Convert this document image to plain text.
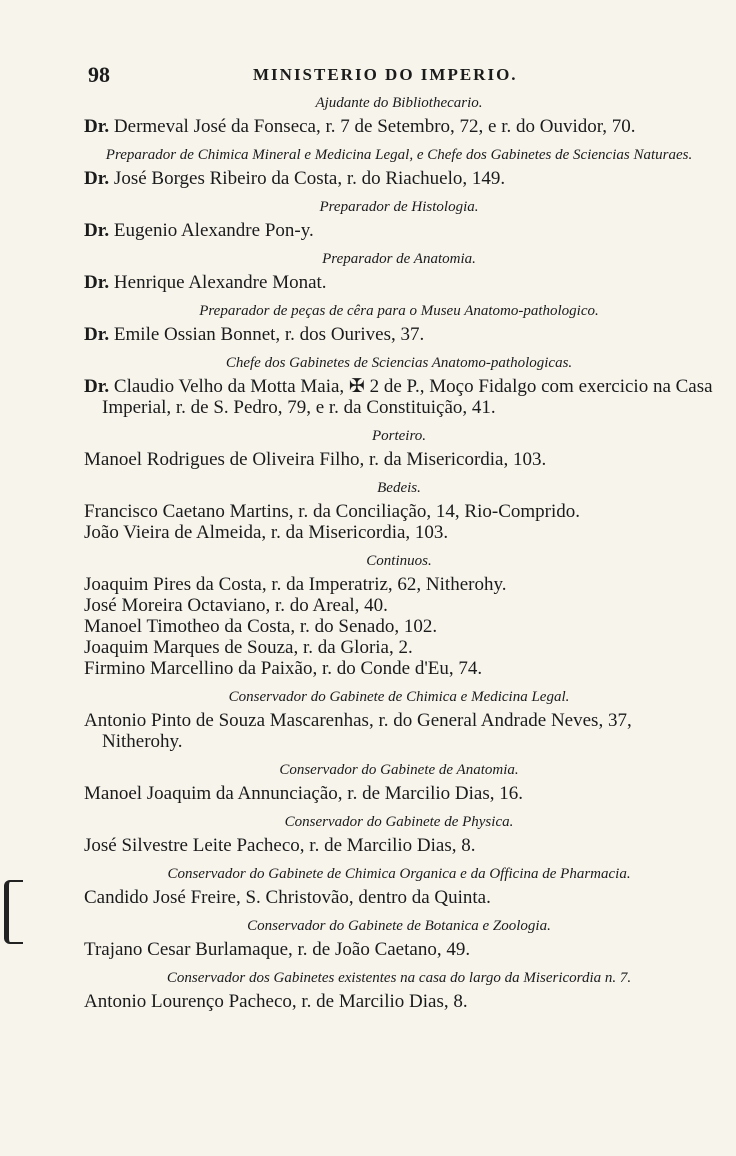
98	MINISTERIO DO IMPERIO.
Ajudante do Bibliothecario.
Dr. Dermeval José da Fonseca, r. 7 de Setembro, 72, e r. do Ouvidor, 70.
Preparador de Chimica Mineral e Medicina Legal, e Chefe dos Gabinetes de Sciencias Naturaes.
Dr. José Borges Ribeiro da Costa, r. do Riachuelo, 149.
Preparador de Histologia.
Dr. Eugenio Alexandre Pon‑y.
Preparador de Anatomia.
Dr. Henrique Alexandre Monat.
Preparador de peças de cêra para o Museu Anatomo-pathologico.
Dr. Emile Ossian Bonnet, r. dos Ourives, 37.
Chefe dos Gabinetes de Sciencias Anatomo-pathologicas.
Dr. Claudio Velho da Motta Maia, ✠ 2 de P., Moço Fidalgo com exercicio na Casa Imperial, r. de S. Pedro, 79, e r. da Constituição, 41.
Porteiro.
Manoel Rodrigues de Oliveira Filho, r. da Misericordia, 103.
Bedeis.
Francisco Caetano Martins, r. da Conciliação, 14, Rio-Comprido.
João Vieira de Almeida, r. da Misericordia, 103.
Continuos.
Joaquim Pires da Costa, r. da Imperatriz, 62, Nitherohy.
José Moreira Octaviano, r. do Areal, 40.
Manoel Timotheo da Costa, r. do Senado, 102.
Joaquim Marques de Souza, r. da Gloria, 2.
Firmino Marcellino da Paixão, r. do Conde d'Eu, 74.
Conservador do Gabinete de Chimica e Medicina Legal.
Antonio Pinto de Souza Mascarenhas, r. do General Andrade Neves, 37, Nitherohy.
Conservador do Gabinete de Anatomia.
Manoel Joaquim da Annunciação, r. de Marcilio Dias, 16.
Conservador do Gabinete de Physica.
José Silvestre Leite Pacheco, r. de Marcilio Dias, 8.
Conservador do Gabinete de Chimica Organica e da Officina de Pharmacia.
Candido José Freire, S. Christovão, dentro da Quinta.
Conservador do Gabinete de Botanica e Zoologia.
Trajano Cesar Burlamaque, r. de João Caetano, 49.
Conservador dos Gabinetes existentes na casa do largo da Misericordia n. 7.
Antonio Lourenço Pacheco, r. de Marcilio Dias, 8.
